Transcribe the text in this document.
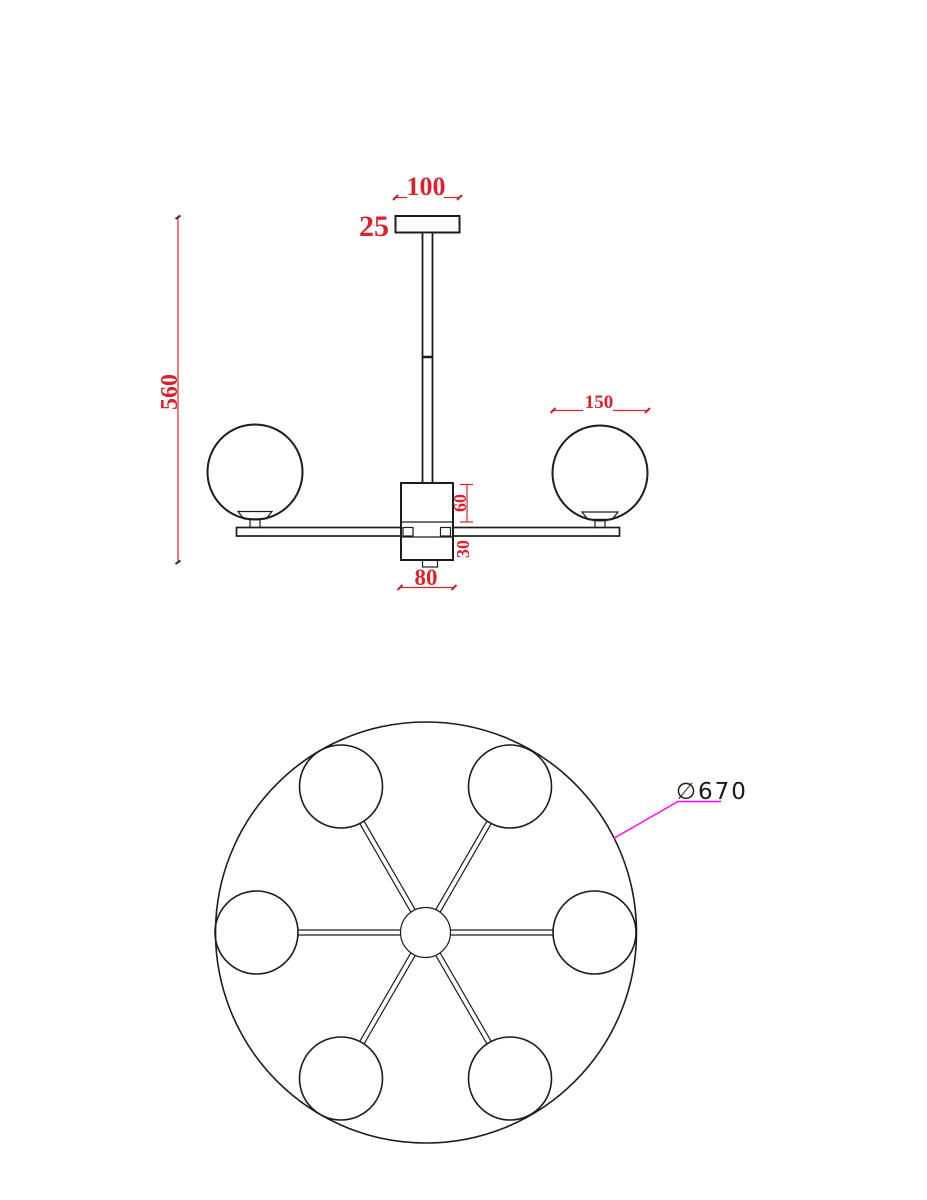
100
25
560	150
60
30
80
∅670
